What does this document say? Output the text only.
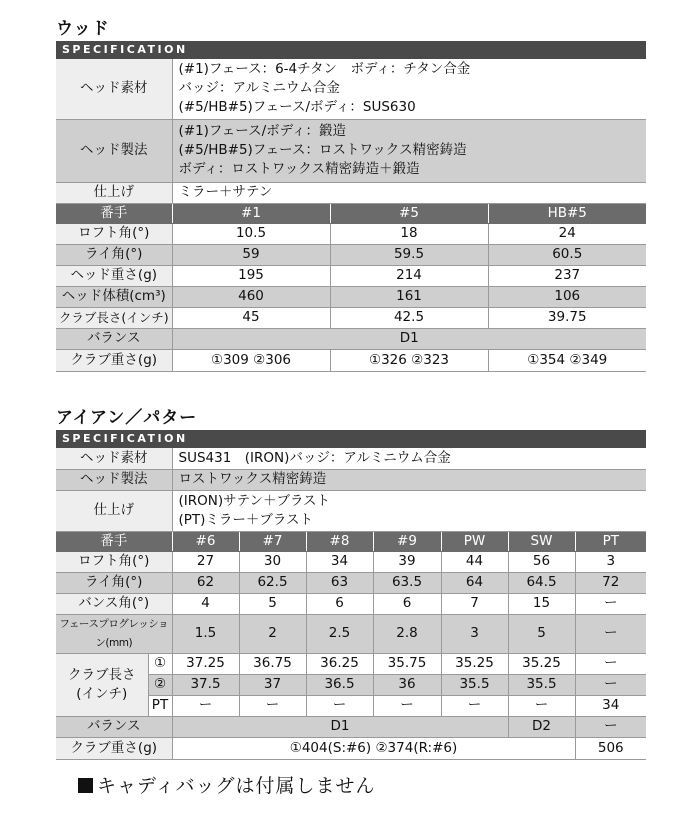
ウッド
SPECIFICATION
ヘッド素材	(#1)フェース：6-4チタン　ボディ：チタン合金
バッジ：アルミニウム合金
(#5/HB#5)フェース/ボディ：SUS630		

ヘッド製法	(#1)フェース/ボディ：鍛造
(#5/HB#5)フェース：ロストワックス精密鋳造
ボディ：ロストワックス精密鋳造＋鍛造		

仕上げ	ミラー＋サテン		
番手	#1	#5	HB#5
ロフト角(°)	10.5	18	24
ライ角(°)	59	59.5	60.5
ヘッド重さ(g)	195	214	237
ヘッド体積(cm³)	460	161	106
クラブ長さ(インチ)	45	42.5	39.75
バランス	D1		
クラブ重さ(g)	①309 ②306	①326 ②323	①354 ②349
アイアン／パター
SPECIFICATION
ヘッド素材		SUS431　(IRON)バッジ：アルミニウム合金						
ヘッド製法		ロストワックス精密鋳造						
仕上げ		(IRON)サテン＋ブラスト
(PT)ミラー＋ブラスト						

番手		#6	#7	#8	#9	PW	SW	PT
ロフト角(°)		27	30	34	39	44	56	3
ライ角(°)		62	62.5	63	63.5	64	64.5	72
バンス角(°)		4	5	6	6	7	15	ー
フェースプログレッション(mm)		1.5	2	2.5	2.8	3	5	ー

クラブ長さ
(インチ)	①	37.25	36.75	36.25	35.75	35.25	35.25	ー
	②	37.5	37	36.5	36	35.5	35.5	ー
	PT	ー	ー	ー	ー	ー	ー	34
バランス		D1					D2	ー
クラブ重さ(g)		①404(S:#6) ②374(R:#6)						506
キャディバッグは付属しません
